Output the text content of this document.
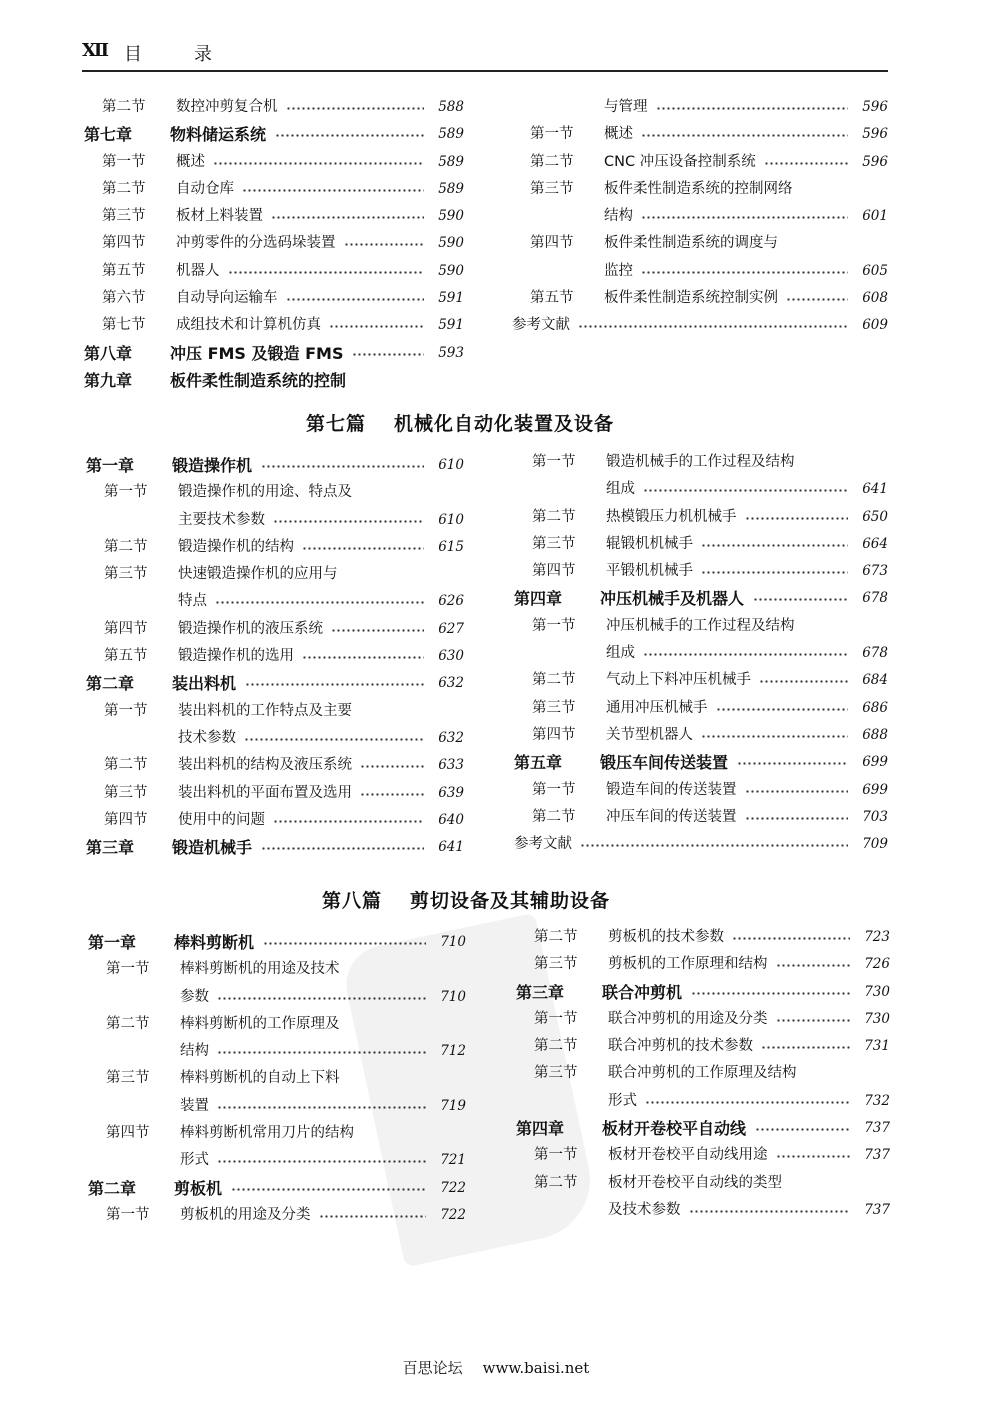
Ⅻ 目	录
第二节 数控冲剪复合机	588
第七章 物料储运系统	589
第一节 概述	589
第二节 自动仓库	589
第三节 板材上料装置	590
第四节 冲剪零件的分选码垛装置	590
第五节 机器人	590
第六节 自动导向运输车	591
第七节 成组技术和计算机仿真	591
第八章 冲压 FMS 及锻造 FMS	593
第九章 板件柔性制造系统的控制
与管理	596
第一节 概述	596
第二节 CNC 冲压设备控制系统	596
第三节 板件柔性制造系统的控制网络
结构	601
第四节 板件柔性制造系统的调度与
监控	605
第五节 板件柔性制造系统控制实例	608
参考文献	609
第七篇 机械化自动化装置及设备
第一章 锻造操作机	610
第一节 锻造操作机的用途、特点及
主要技术参数	610
第二节 锻造操作机的结构	615
第三节 快速锻造操作机的应用与
特点	626
第四节 锻造操作机的液压系统	627
第五节 锻造操作机的选用	630
第二章 装出料机	632
第一节 装出料机的工作特点及主要
技术参数	632
第二节 装出料机的结构及液压系统	633
第三节 装出料机的平面布置及选用	639
第四节 使用中的问题	640
第三章 锻造机械手	641
第一节 锻造机械手的工作过程及结构
组成	641
第二节 热模锻压力机机械手	650
第三节 辊锻机机械手	664
第四节 平锻机机械手	673
第四章 冲压机械手及机器人	678
第一节 冲压机械手的工作过程及结构
组成	678
第二节 气动上下料冲压机械手	684
第三节 通用冲压机械手	686
第四节 关节型机器人	688
第五章 锻压车间传送装置	699
第一节 锻造车间的传送装置	699
第二节 冲压车间的传送装置	703
参考文献	709
第八篇 剪切设备及其辅助设备
第一章 棒料剪断机	710
第一节 棒料剪断机的用途及技术
参数	710
第二节 棒料剪断机的工作原理及
结构	712
第三节 棒料剪断机的自动上下料
装置	719
第四节 棒料剪断机常用刀片的结构
形式	721
第二章 剪板机	722
第一节 剪板机的用途及分类	722
第二节 剪板机的技术参数	723
第三节 剪板机的工作原理和结构	726
第三章 联合冲剪机	730
第一节 联合冲剪机的用途及分类	730
第二节 联合冲剪机的技术参数	731
第三节 联合冲剪机的工作原理及结构
形式	732
第四章 板材开卷校平自动线	737
第一节 板材开卷校平自动线用途	737
第二节 板材开卷校平自动线的类型
及技术参数	737
百思论坛 www.baisi.net
